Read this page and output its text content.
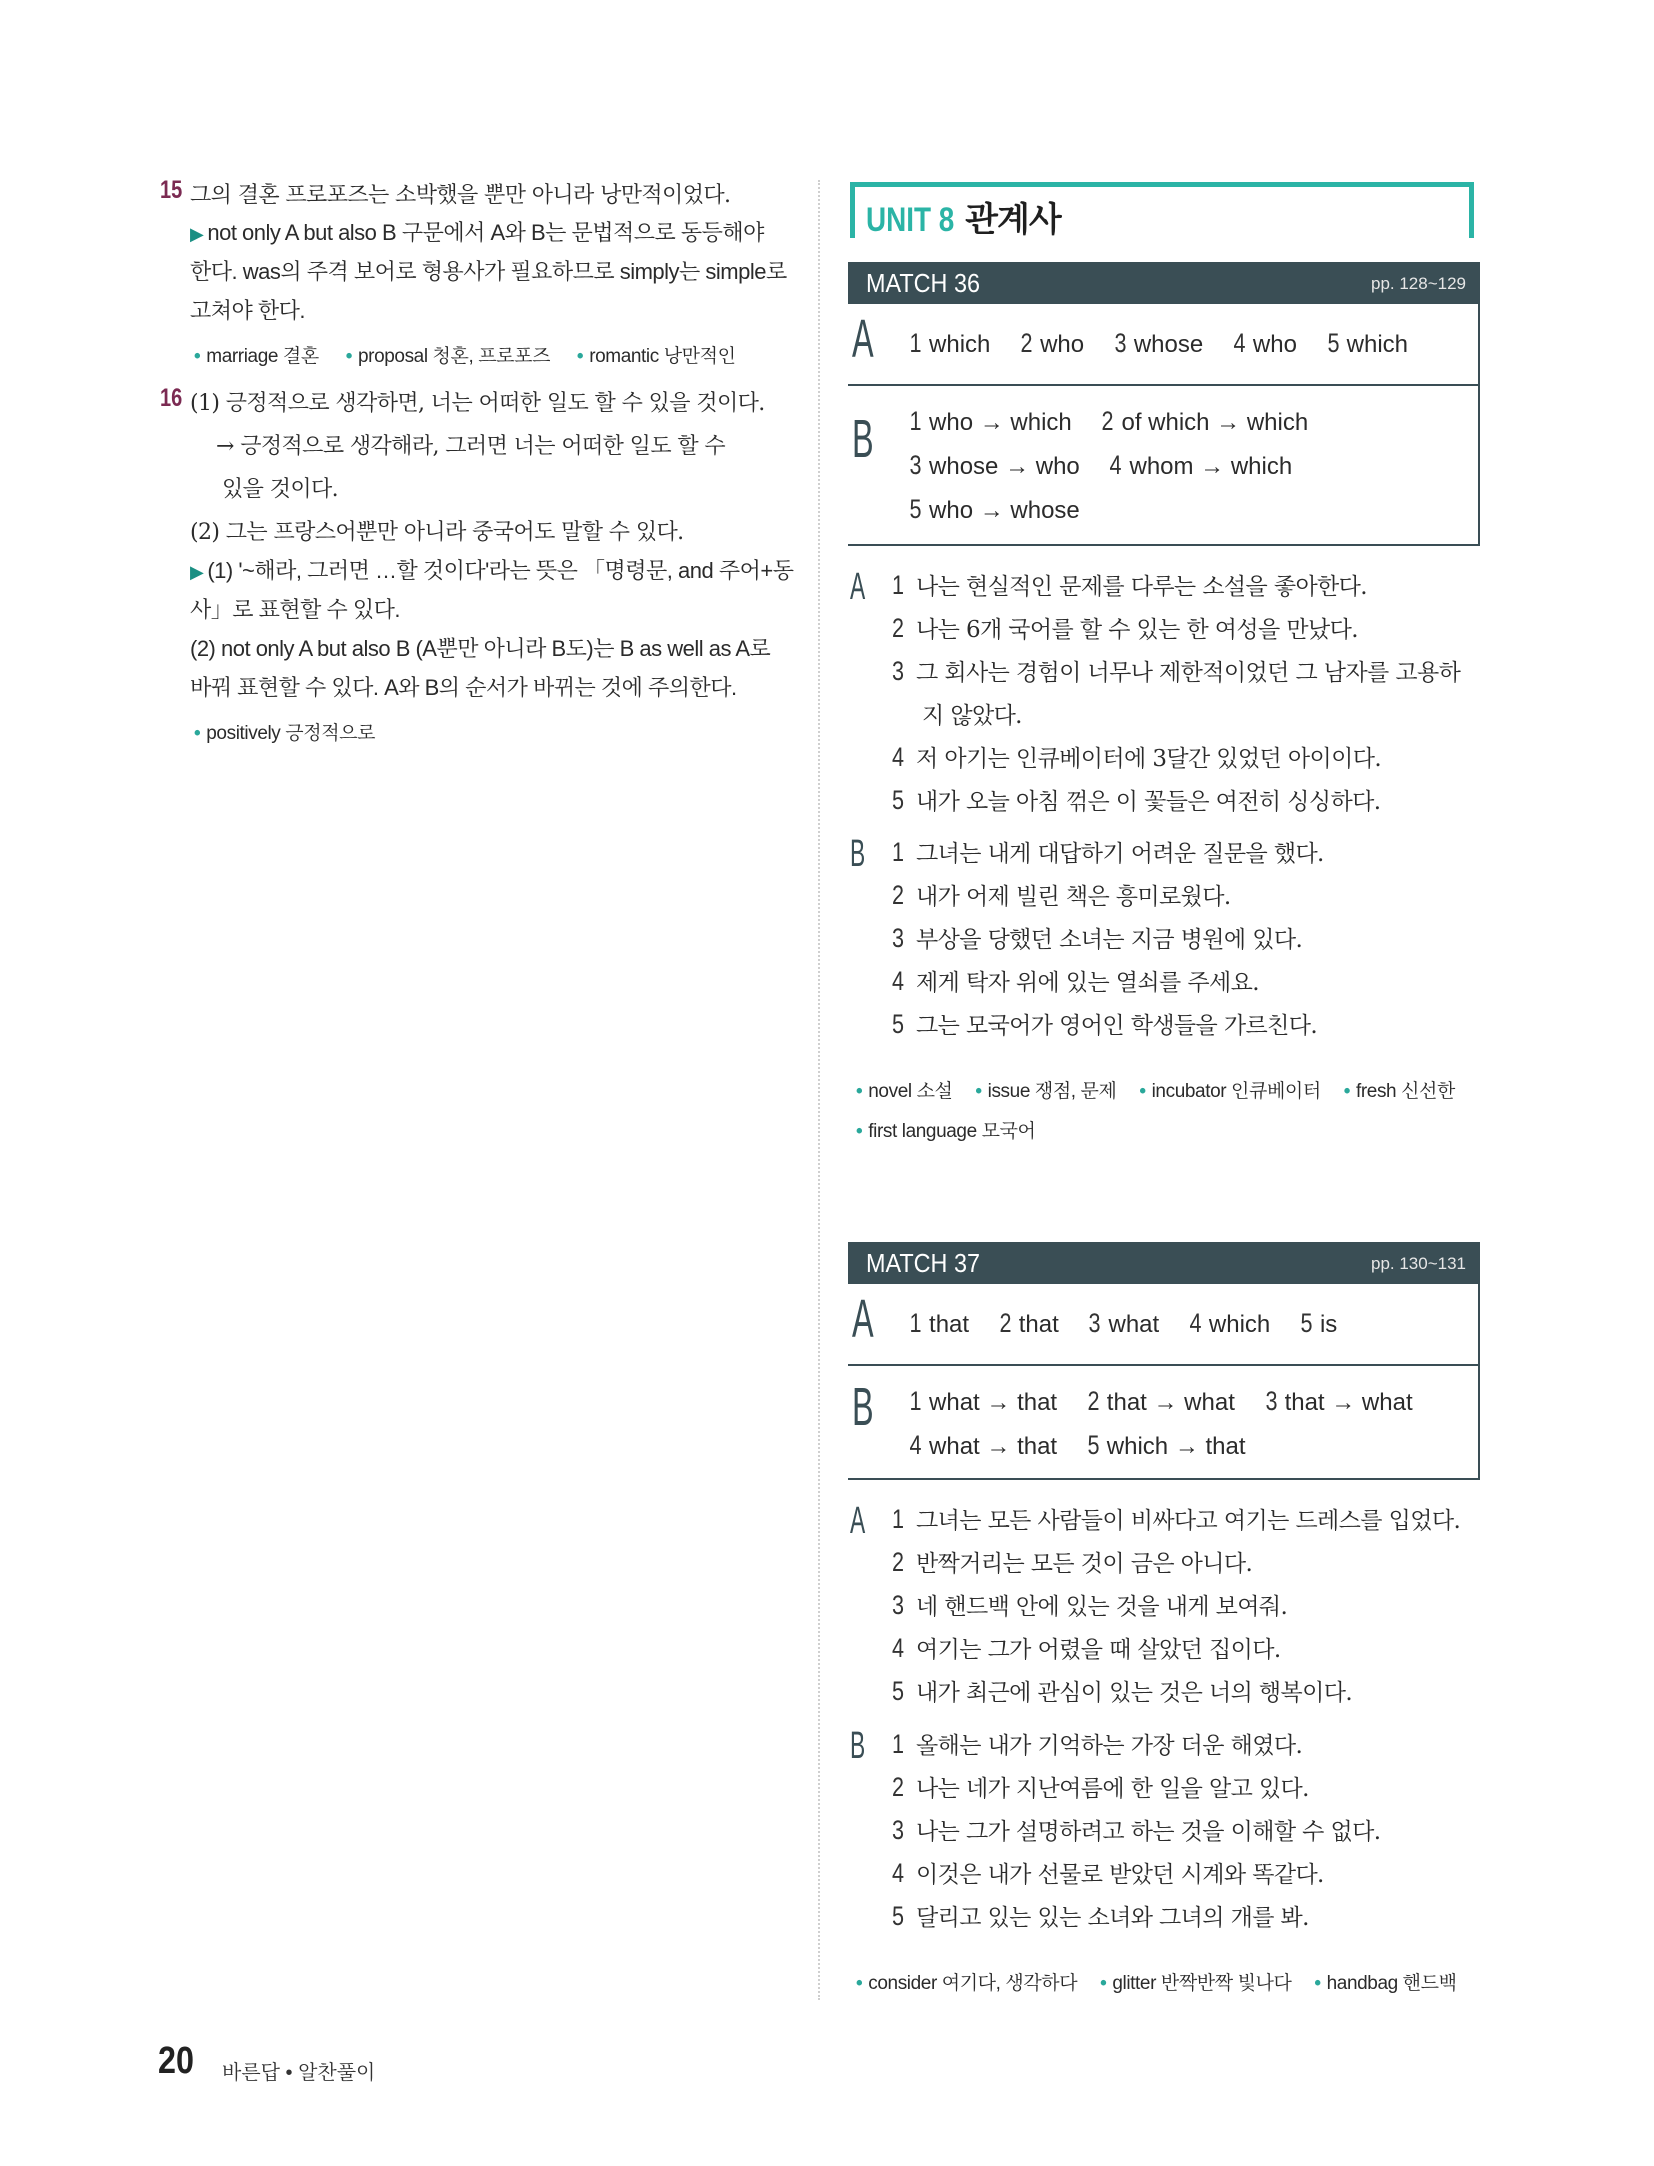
15 그의 결혼 프로포즈는 소박했을 뿐만 아니라 낭만적이었다.
▶ not only A but also B 구문에서 A와 B는 문법적으로 동등해야
한다. was의 주격 보어로 형용사가 필요하므로 simply는 simple로
고쳐야 한다.
• marriage 결혼 • proposal 청혼, 프로포즈 • romantic 낭만적인
16 (1) 긍정적으로 생각하면, 너는 어떠한 일도 할 수 있을 것이다.
→ 긍정적으로 생각해라, 그러면 너는 어떠한 일도 할 수
있을 것이다.
(2) 그는 프랑스어뿐만 아니라 중국어도 말할 수 있다.
▶ (1) '~해라, 그러면 …할 것이다'라는 뜻은 「명령문, and 주어+동
사」로 표현할 수 있다.
(2) not only A but also B (A뿐만 아니라 B도)는 B as well as A로
바꿔 표현할 수 있다. A와 B의 순서가 바뀌는 것에 주의한다.
• positively 긍정적으로
UNIT 8 관계사
MATCH 36	pp. 128~129
A 1 which 2 who 3 whose 4 who 5 which
B 1 who → which 2 of which → which
3 whose → who 4 whom → which
5 who → whose
A 1 나는 현실적인 문제를 다루는 소설을 좋아한다.
2 나는 6개 국어를 할 수 있는 한 여성을 만났다.
3 그 회사는 경험이 너무나 제한적이었던 그 남자를 고용하
지 않았다.
4 저 아기는 인큐베이터에 3달간 있었던 아이이다.
5 내가 오늘 아침 꺾은 이 꽃들은 여전히 싱싱하다.
B 1 그녀는 내게 대답하기 어려운 질문을 했다.
2 내가 어제 빌린 책은 흥미로웠다.
3 부상을 당했던 소녀는 지금 병원에 있다.
4 제게 탁자 위에 있는 열쇠를 주세요.
5 그는 모국어가 영어인 학생들을 가르친다.
• novel 소설 • issue 쟁점, 문제 • incubator 인큐베이터 • fresh 신선한
• first language 모국어
MATCH 37	pp. 130~131
A 1 that 2 that 3 what 4 which 5 is
B 1 what → that 2 that → what 3 that → what
4 what → that 5 which → that
A 1 그녀는 모든 사람들이 비싸다고 여기는 드레스를 입었다.
2 반짝거리는 모든 것이 금은 아니다.
3 네 핸드백 안에 있는 것을 내게 보여줘.
4 여기는 그가 어렸을 때 살았던 집이다.
5 내가 최근에 관심이 있는 것은 너의 행복이다.
B 1 올해는 내가 기억하는 가장 더운 해였다.
2 나는 네가 지난여름에 한 일을 알고 있다.
3 나는 그가 설명하려고 하는 것을 이해할 수 없다.
4 이것은 내가 선물로 받았던 시계와 똑같다.
5 달리고 있는 있는 소녀와 그녀의 개를 봐.
• consider 여기다, 생각하다 • glitter 반짝반짝 빛나다 • handbag 핸드백
20 바른답 • 알찬풀이
